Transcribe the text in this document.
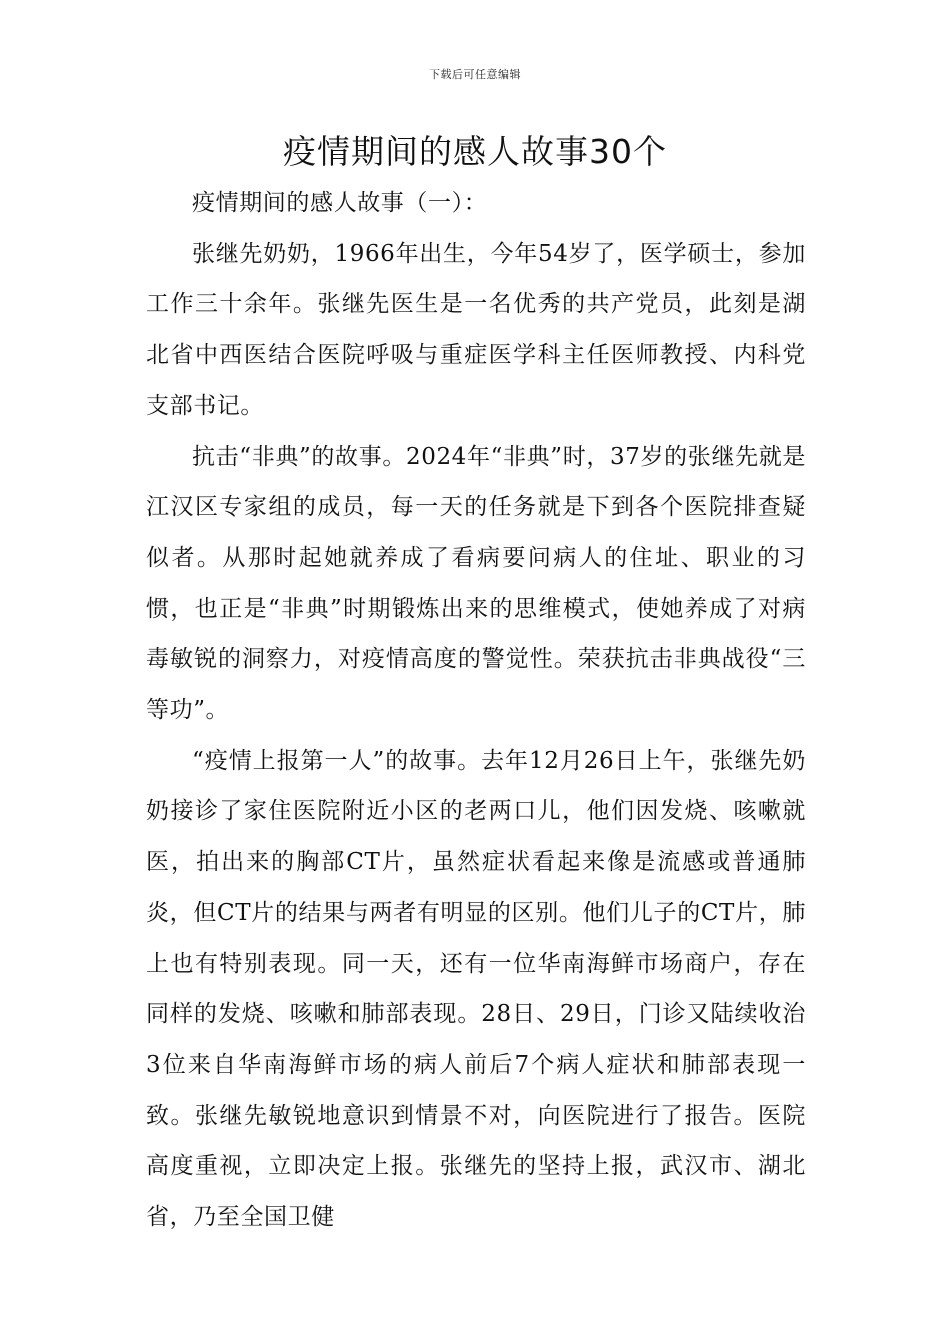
下载后可任意编辑
疫情期间的感人故事30个

疫情期间的感人故事（一）：

张继先奶奶，1966年出生，今年54岁了，医学硕士，参加工作三十余年。张继先医生是一名优秀的共产党员，此刻是湖北省中西医结合医院呼吸与重症医学科主任医师教授、内科党支部书记。

抗击“非典”的故事。2024年“非典”时，37岁的张继先就是江汉区专家组的成员，每一天的任务就是下到各个医院排查疑似者。从那时起她就养成了看病要问病人的住址、职业的习惯，也正是“非典”时期锻炼出来的思维模式，使她养成了对病毒敏锐的洞察力，对疫情高度的警觉性。荣获抗击非典战役“三等功”。

“疫情上报第一人”的故事。去年12月26日上午，张继先奶奶接诊了家住医院附近小区的老两口儿，他们因发烧、咳嗽就医，拍出来的胸部CT片，虽然症状看起来像是流感或普通肺炎，但CT片的结果与两者有明显的区别。他们儿子的CT片，肺上也有特别表现。同一天，还有一位华南海鲜市场商户，存在同样的发烧、咳嗽和肺部表现。28日、29日，门诊又陆续收治3位来自华南海鲜市场的病人前后7个病人症状和肺部表现一致。张继先敏锐地意识到情景不对，向医院进行了报告。医院高度重视，立即决定上报。张继先的坚持上报，武汉市、湖北省，乃至全国卫健
